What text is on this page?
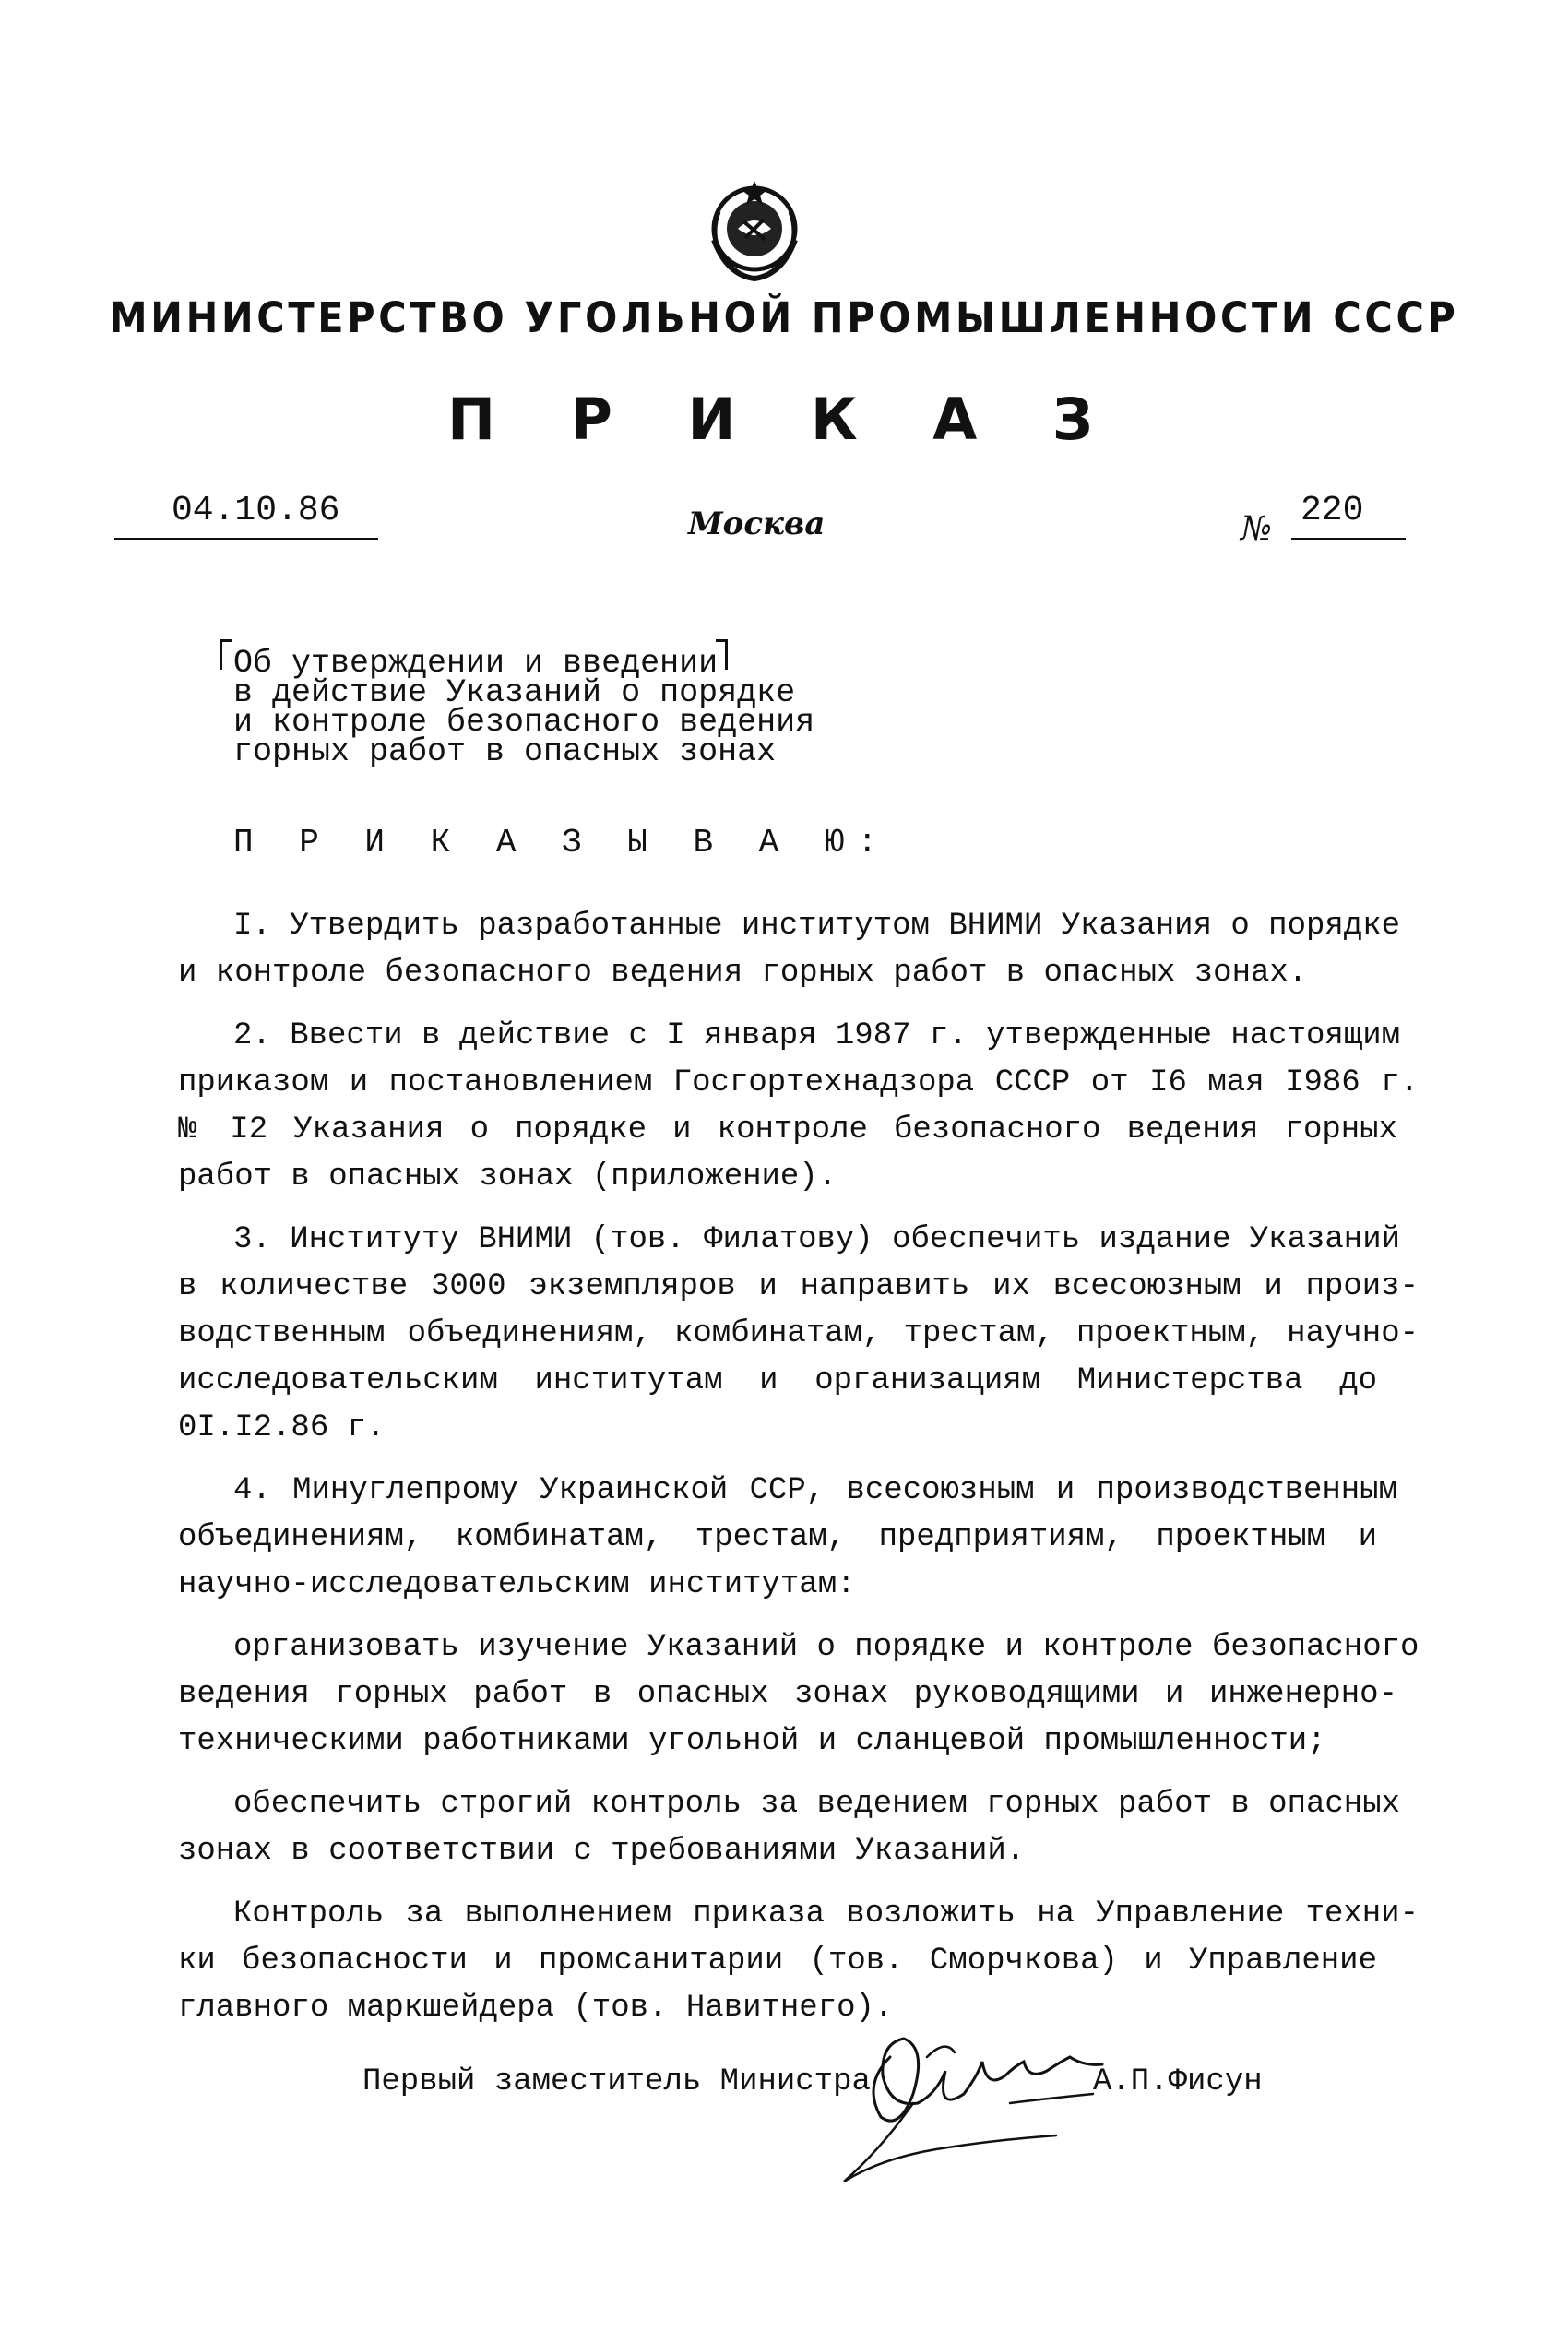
МИНИСТЕРСТВО УГОЛЬНОЙ ПРОМЫШЛЕННОСТИ СССР
П Р И К А З
04.10.86	Москва	№ 220
Об утверждении и введении
в действие Указаний о порядке
и контроле безопасного ведения
горных работ в опасных зонах
П Р И К А З Ы В А Ю:
I. Утвердить разработанные институтом ВНИМИ Указания о порядке
и контроле безопасного ведения горных работ в опасных зонах.
2. Ввести в действие с I января 1987 г. утвержденные настоящим
приказом и постановлением Госгортехнадзора СССР от I6 мая I986 г.
№ I2 Указания о порядке и контроле безопасного ведения горных
работ в опасных зонах (приложение).
3. Институту ВНИМИ (тов. Филатову) обеспечить издание Указаний
в количестве 3000 экземпляров и направить их всесоюзным и произ-
водственным объединениям, комбинатам, трестам, проектным, научно-
исследовательским институтам и организациям Министерства до
0I.I2.86 г.
4. Минуглепрому Украинской ССР, всесоюзным и производственным
объединениям, комбинатам, трестам, предприятиям, проектным и
научно-исследовательским институтам:
организовать изучение Указаний о порядке и контроле безопасного
ведения горных работ в опасных зонах руководящими и инженерно-
техническими работниками угольной и сланцевой промышленности;
обеспечить строгий контроль за ведением горных работ в опасных
зонах в соответствии с требованиями Указаний.
Контроль за выполнением приказа возложить на Управление техни-
ки безопасности и промсанитарии (тов. Сморчкова) и Управление
главного маркшейдера (тов. Навитнего).
Первый заместитель Министра	А.П.Фисун
